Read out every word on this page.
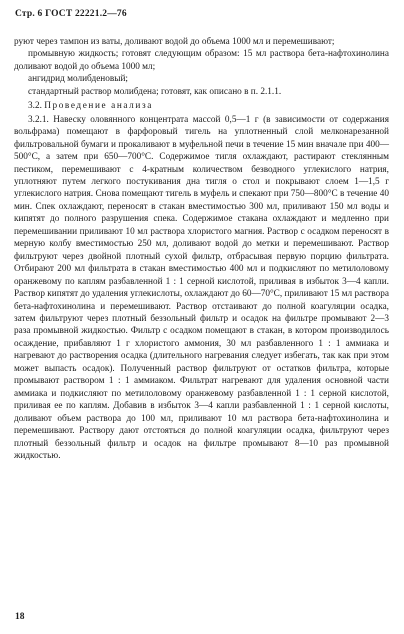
Стр. 6 ГОСТ 22221.2—76

руют через тампон из ваты, доливают водой до объема 1000 мл и перемешивают;

промывную жидкость; готовят следующим образом: 15 мл раствора бета-нафтохинолина доливают водой до объема 1000 мл;

ангидрид молибденовый;

стандартный раствор молибдена; готовят, как описано в п. 2.1.1.

3.2. Проведение анализа

3.2.1. Навеску оловянного концентрата массой 0,5—1 г (в зависимости от содержания вольфрама) помещают в фарфоровый тигель на уплотненный слой мелконарезанной фильтровальной бумаги и прокаливают в муфельной печи в течение 15 мин вначале при 400—500°С, а затем при 650—700°С. Содержимое тигля охлаждают, растирают стеклянным пестиком, перемешивают с 4-кратным количеством безводного углекислого натрия, уплотняют путем легкого постукивания дна тигля о стол и покрывают слоем 1—1,5 г углекислого натрия. Снова помещают тигель в муфель и спекают при 750—800°С в течение 40 мин. Спек охлаждают, переносят в стакан вместимостью 300 мл, приливают 150 мл воды и кипятят до полного разрушения спека. Содержимое стакана охлаждают и медленно при перемешивании приливают 10 мл раствора хлористого магния. Раствор с осадком переносят в мерную колбу вместимостью 250 мл, доливают водой до метки и перемешивают. Раствор фильтруют через двойной плотный сухой фильтр, отбрасывая первую порцию фильтрата. Отбирают 200 мл фильтрата в стакан вместимостью 400 мл и подкисляют по метилоловому оранжевому по каплям разбавленной 1 : 1 серной кислотой, приливая в избыток 3—4 капли. Раствор кипятят до удаления углекислоты, охлаждают до 60—70°С, приливают 15 мл раствора бета-нафтохинолина и перемешивают. Раствор отстаивают до полной коагуляции осадка, затем фильтруют через плотный беззольный фильтр и осадок на фильтре промывают 2—3 раза промывной жидкостью. Фильтр с осадком помещают в стакан, в котором производилось осаждение, прибавляют 1 г хлористого аммония, 30 мл разбавленного 1 : 1 аммиака и нагревают до растворения осадка (длительного нагревания следует избегать, так как при этом может выпасть осадок). Полученный раствор фильтруют от остатков фильтра, которые промывают раствором 1 : 1 аммиаком. Фильтрат нагревают для удаления основной части аммиака и подкисляют по метилоловому оранжевому разбавленной 1 : 1 серной кислотой, приливая ее по каплям. Добавив в избыток 3—4 капли разбавленной 1 : 1 серной кислоты, доливают объем раствора до 100 мл, приливают 10 мл раствора бета-нафтохинолина и перемешивают. Раствору дают отстояться до полной коагуляции осадка, фильтруют через плотный беззольный фильтр и осадок на фильтре промывают 8—10 раз промывной жидкостью.

18
